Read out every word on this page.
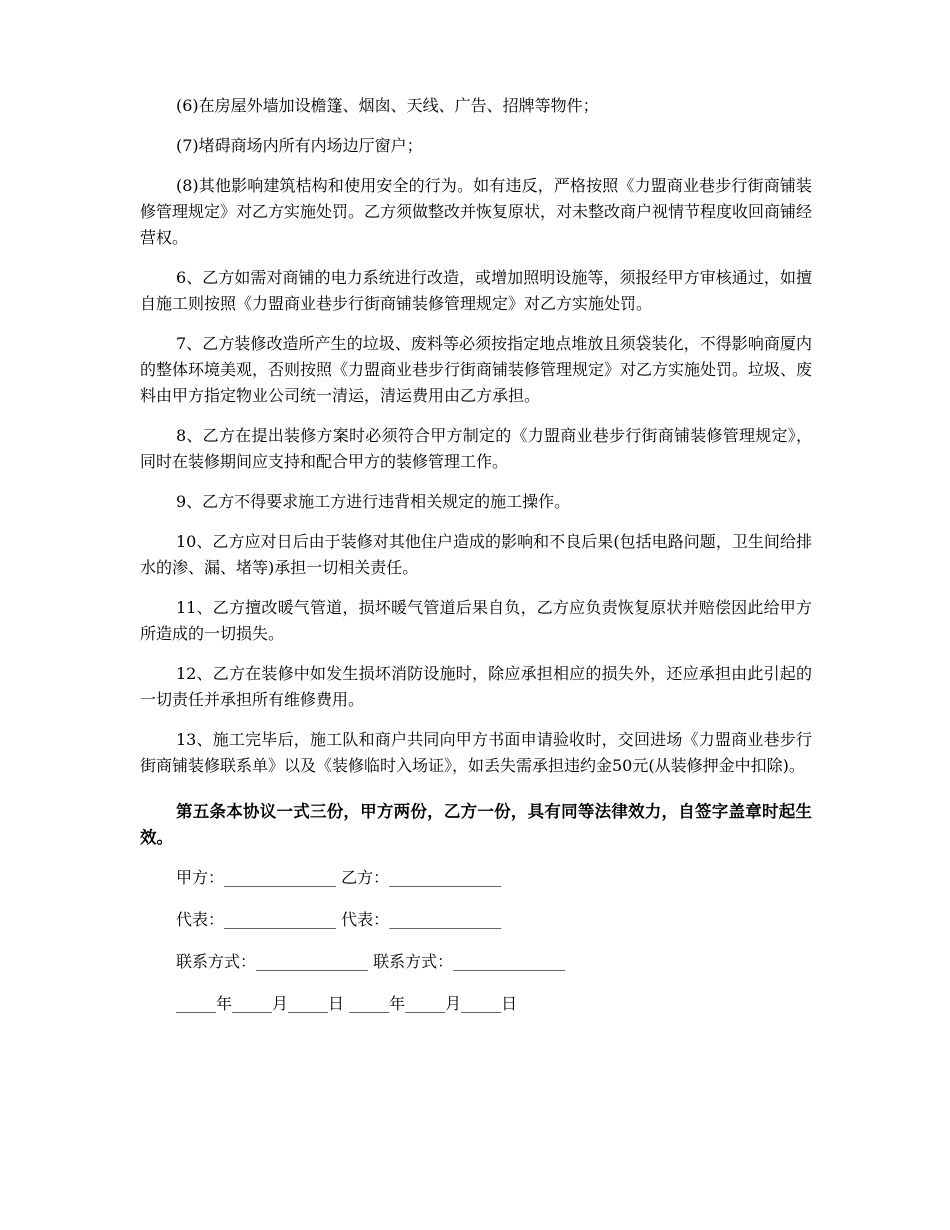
(6)在房屋外墙加设檐篷、烟囱、天线、广告、招牌等物件；

(7)堵碍商场内所有内场边厅窗户；

(8)其他影响建筑桔构和使用安全的行为。如有违反，严格按照《力盟商业巷步行街商铺装修管理规定》对乙方实施处罚。乙方须做整改并恢复原状，对未整改商户视情节程度收回商铺经营权。

6、乙方如需对商铺的电力系统进行改造，或增加照明设施等，须报经甲方审核通过，如擅自施工则按照《力盟商业巷步行街商铺装修管理规定》对乙方实施处罚。

7、乙方装修改造所产生的垃圾、废料等必须按指定地点堆放且须袋装化，不得影响商厦内的整体环境美观，否则按照《力盟商业巷步行街商铺装修管理规定》对乙方实施处罚。垃圾、废料由甲方指定物业公司统一清运，清运费用由乙方承担。

8、乙方在提出装修方案时必须符合甲方制定的《力盟商业巷步行街商铺装修管理规定》，同时在装修期间应支持和配合甲方的装修管理工作。

9、乙方不得要求施工方进行违背相关规定的施工操作。

10、乙方应对日后由于装修对其他住户造成的影响和不良后果(包括电路问题，卫生间给排水的渗、漏、堵等)承担一切相关责任。

11、乙方擅改暖气管道，损坏暖气管道后果自负，乙方应负责恢复原状并赔偿因此给甲方所造成的一切损失。

12、乙方在装修中如发生损坏消防设施时，除应承担相应的损失外，还应承担由此引起的一切责任并承担所有维修费用。

13、施工完毕后，施工队和商户共同向甲方书面申请验收时，交回进场《力盟商业巷步行街商铺装修联系单》以及《装修临时入场证》，如丢失需承担违约金50元(从装修押金中扣除)。

第五条本协议一式三份，甲方两份，乙方一份，具有同等法律效力，自签字盖章时起生效。

甲方：______________ 乙方：______________
代表：______________ 代表：______________
联系方式：______________ 联系方式：______________
_____年_____月_____日 _____年_____月_____日
